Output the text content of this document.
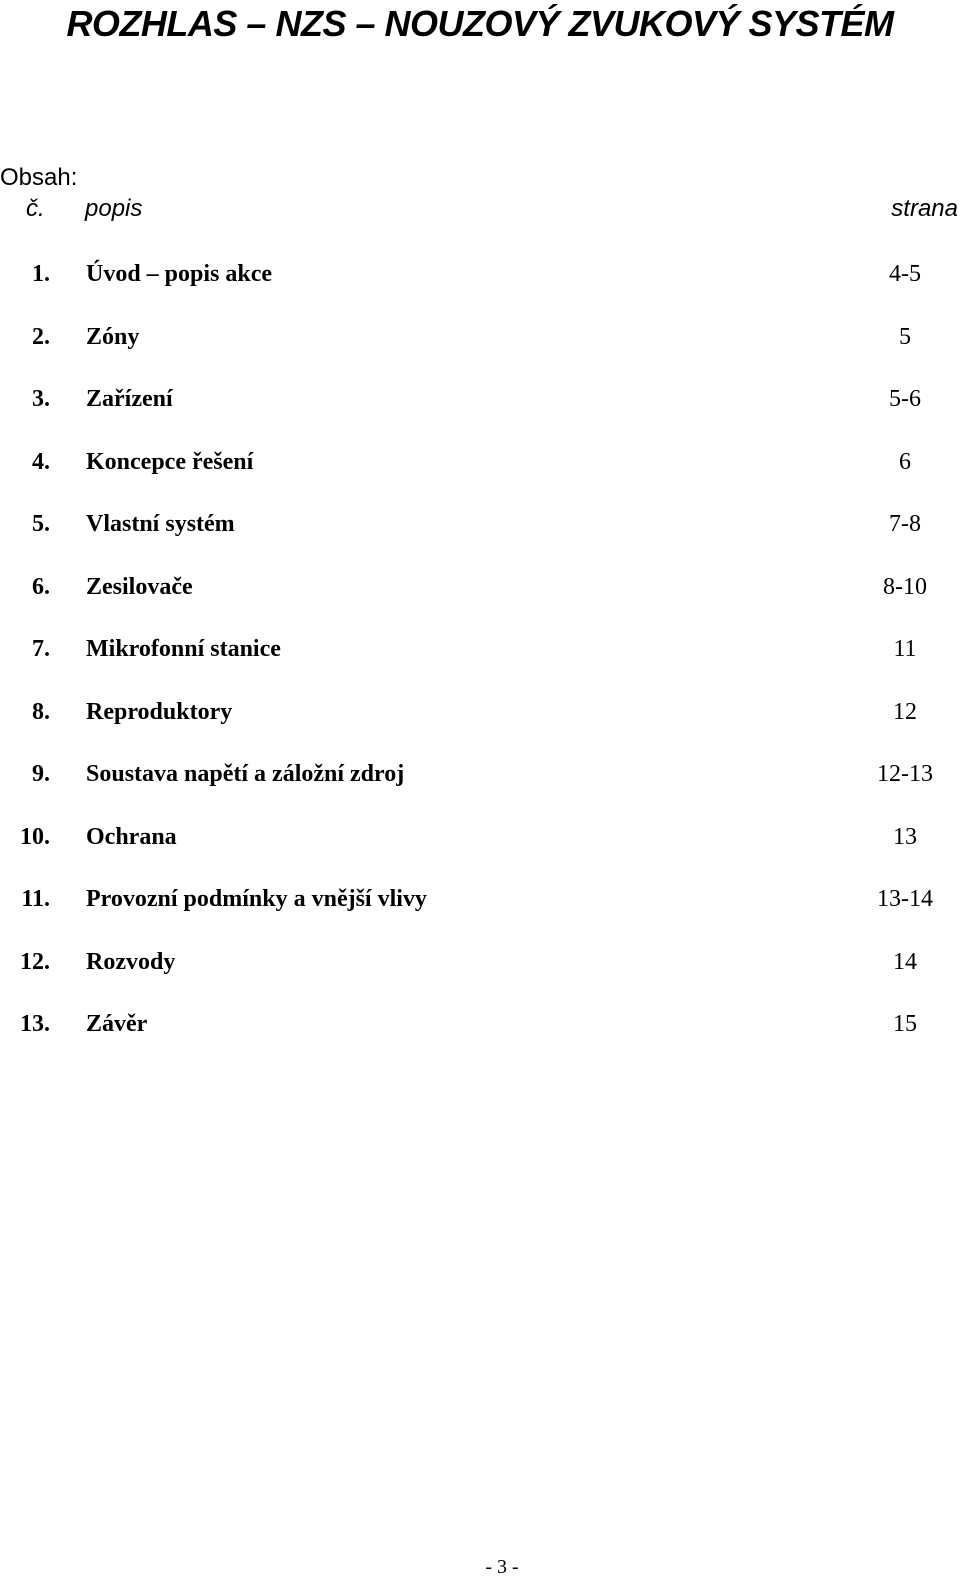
ROZHLAS – NZS – NOUZOVÝ ZVUKOVÝ SYSTÉM
Obsah:
č. popis	strana
1. Úvod – popis akce	4-5
2. Zóny	5
3. Zařízení	5-6
4. Koncepce řešení	6
5. Vlastní systém	7-8
6. Zesilovače	8-10
7. Mikrofonní stanice	11
8. Reproduktory	12
9. Soustava napětí a záložní zdroj	12-13
10. Ochrana	13
11. Provozní podmínky a vnější vlivy	13-14
12. Rozvody	14
13. Závěr	15
- 3 -
